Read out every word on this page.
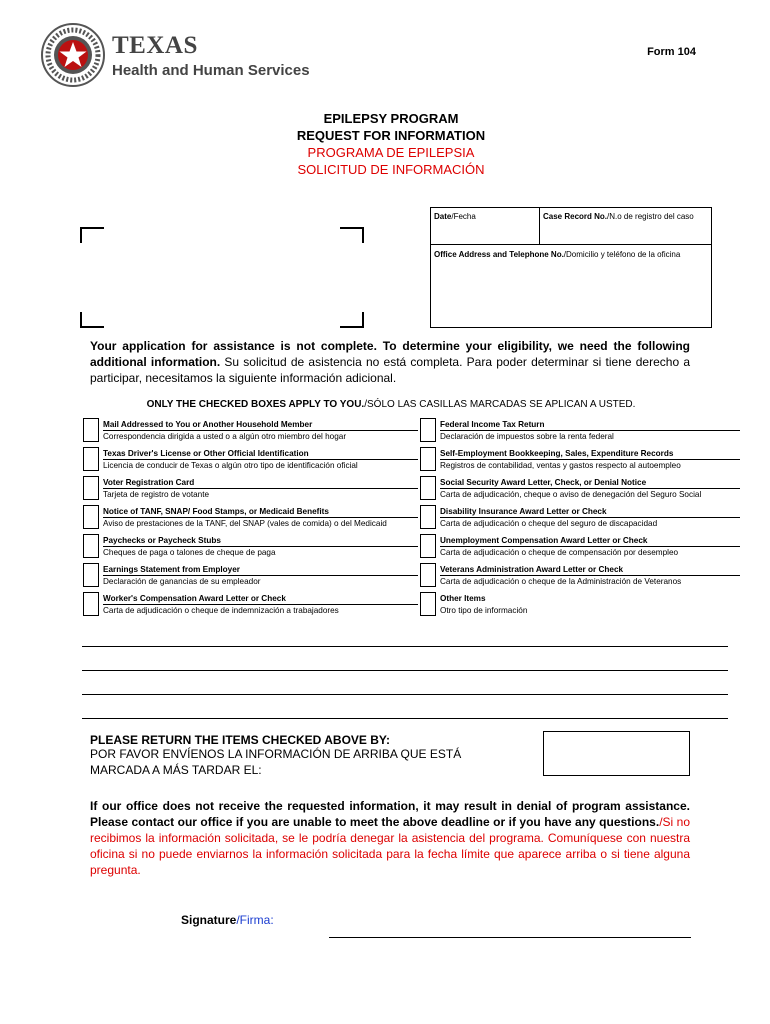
TEXAS
Health and Human Services
Form 104
EPILEPSY PROGRAM
REQUEST FOR INFORMATION
PROGRAMA DE EPILEPSIA
SOLICITUD DE INFORMACIÓN
Date/Fecha	Case Record No./N.o de registro del caso
Office Address and Telephone No./Domicilio y teléfono de la oficina
Your application for assistance is not complete. To determine your eligibility, we need the following additional information. Su solicitud de asistencia no está completa. Para poder determinar si tiene derecho a participar, necesitamos la siguiente información adicional.
ONLY THE CHECKED BOXES APPLY TO YOU./SÓLO LAS CASILLAS MARCADAS SE APLICAN A USTED.
Mail Addressed to You or Another Household Member
Correspondencia dirigida a usted o a algún otro miembro del hogar
Texas Driver's License or Other Official Identification
Licencia de conducir de Texas o algún otro tipo de identificación oficial
Voter Registration Card
Tarjeta de registro de votante
Notice of TANF, SNAP/ Food Stamps, or Medicaid Benefits
Aviso de prestaciones de la TANF, del SNAP (vales de comida) o del Medicaid
Paychecks or Paycheck Stubs
Cheques de paga o talones de cheque de paga
Earnings Statement from Employer
Declaración de ganancias de su empleador
Worker's Compensation Award Letter or Check
Carta de adjudicación o cheque de indemnización a trabajadores
Federal Income Tax Return
Declaración de impuestos sobre la renta federal
Self-Employment Bookkeeping, Sales, Expenditure Records
Registros de contabilidad, ventas y gastos respecto al autoempleo
Social Security Award Letter, Check, or Denial Notice
Carta de adjudicación, cheque o aviso de denegación del Seguro Social
Disability Insurance Award Letter or Check
Carta de adjudicación o cheque del seguro de discapacidad
Unemployment Compensation Award Letter or Check
Carta de adjudicación o cheque de compensación por desempleo
Veterans Administration Award Letter or Check
Carta de adjudicación o cheque de la Administración de Veteranos
Other Items
Otro tipo de información
PLEASE RETURN THE ITEMS CHECKED ABOVE BY:
POR FAVOR ENVÍENOS LA INFORMACIÓN DE ARRIBA QUE ESTÁ
MARCADA A MÁS TARDAR EL:
If our office does not receive the requested information, it may result in denial of program assistance. Please contact our office if you are unable to meet the above deadline or if you have any questions./Si no recibimos la información solicitada, se le podría denegar la asistencia del programa. Comuníquese con nuestra oficina si no puede enviarnos la información solicitada para la fecha límite que aparece arriba o si tiene alguna pregunta.
Signature/Firma:
